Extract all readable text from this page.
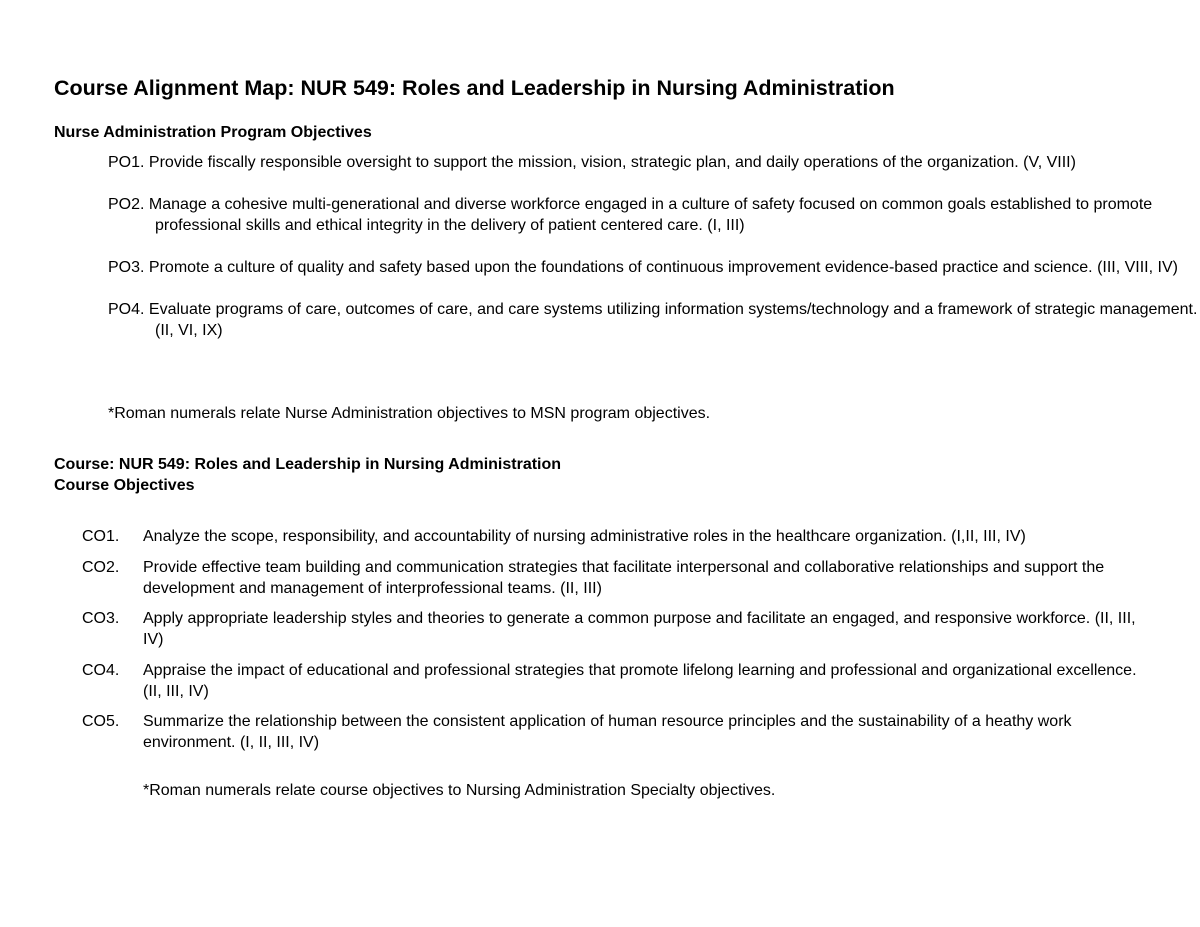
Course Alignment Map: NUR 549: Roles and Leadership in Nursing Administration
Nurse Administration Program Objectives

PO1. Provide fiscally responsible oversight to support the mission, vision, strategic plan, and daily operations of the organization. (V, VIII)

PO2. Manage a cohesive multi-generational and diverse workforce engaged in a culture of safety focused on common goals established to promote professional skills and ethical integrity in the delivery of patient centered care. (I, III)

PO3. Promote a culture of quality and safety based upon the foundations of continuous improvement evidence-based practice and science. (III, VIII, IV)

PO4. Evaluate programs of care, outcomes of care, and care systems utilizing information systems/technology and a framework of strategic management. (II, VI, IX)

*Roman numerals relate Nurse Administration objectives to MSN program objectives.
Course: NUR 549: Roles and Leadership in Nursing Administration
Course Objectives
CO1.	Analyze the scope, responsibility, and accountability of nursing administrative roles in the healthcare organization. (I,II, III, IV)
CO2.	Provide effective team building and communication strategies that facilitate interpersonal and collaborative relationships and support the development and management of interprofessional teams. (II, III)
CO3.	Apply appropriate leadership styles and theories to generate a common purpose and facilitate an engaged, and responsive workforce. (II, III, IV)
CO4.	Appraise the impact of educational and professional strategies that promote lifelong learning and professional and organizational excellence. (II, III, IV)
CO5.	Summarize the relationship between the consistent application of human resource principles and the sustainability of a heathy work environment. (I, II, III, IV)
*Roman numerals relate course objectives to Nursing Administration Specialty objectives.
